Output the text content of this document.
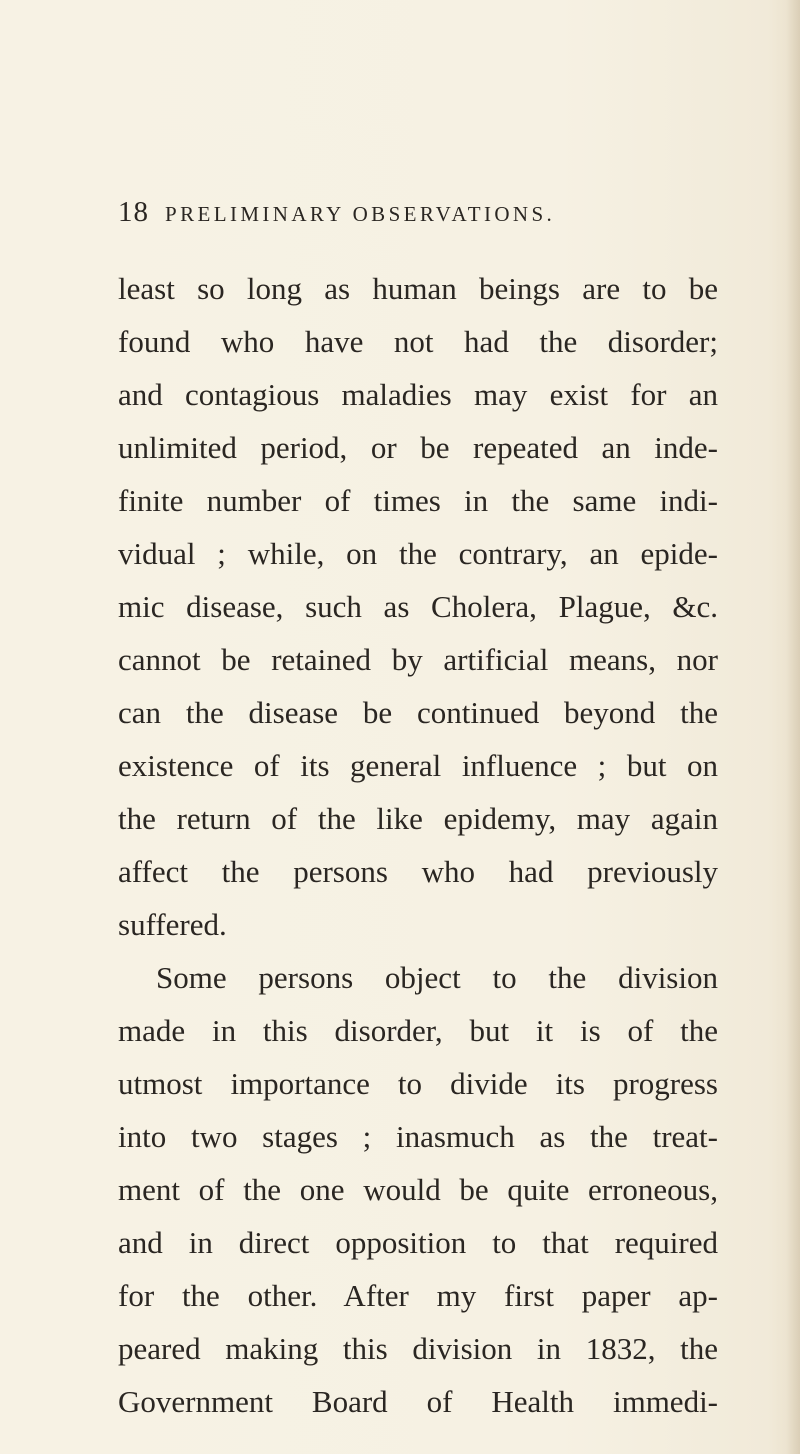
18 PRELIMINARY OBSERVATIONS.
least so long as human beings are to be
found who have not had the disorder;
and contagious maladies may exist for an
unlimited period, or be repeated an inde-
finite number of times in the same indi-
vidual ; while, on the contrary, an epide-
mic disease, such as Cholera, Plague, &c.
cannot be retained by artificial means, nor
can the disease be continued beyond the
existence of its general influence ; but on
the return of the like epidemy, may again
affect the persons who had previously
suffered.
Some persons object to the division
made in this disorder, but it is of the
utmost importance to divide its progress
into two stages ; inasmuch as the treat-
ment of the one would be quite erroneous,
and in direct opposition to that required
for the other. After my first paper ap-
peared making this division in 1832, the
Government Board of Health immedi-
